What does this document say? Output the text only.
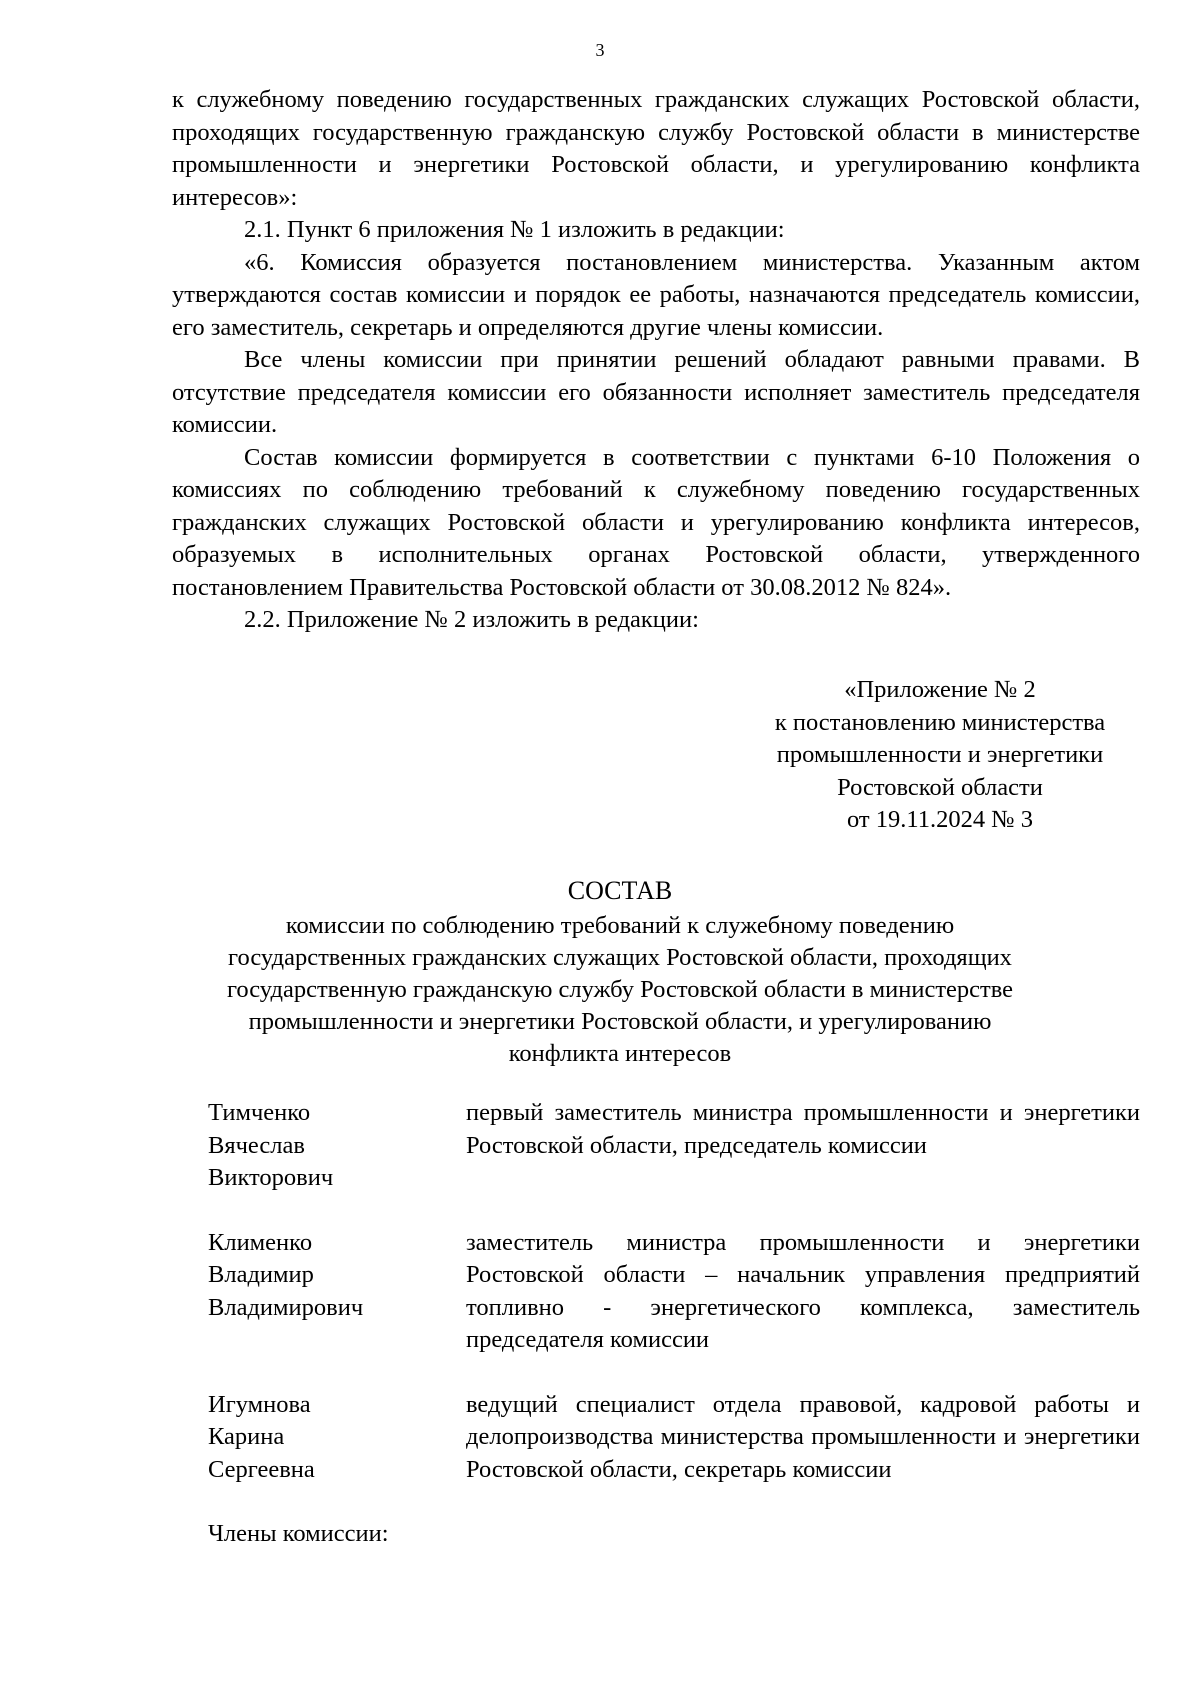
3

к служебному поведению государственных гражданских служащих Ростовской области, проходящих государственную гражданскую службу Ростовской области в министерстве промышленности и энергетики Ростовской области, и урегулированию конфликта интересов»:

2.1. Пункт 6 приложения № 1 изложить в редакции:

«6. Комиссия образуется постановлением министерства. Указанным актом утверждаются состав комиссии и порядок ее работы, назначаются председатель комиссии, его заместитель, секретарь и определяются другие члены комиссии.

Все члены комиссии при принятии решений обладают равными правами. В отсутствие председателя комиссии его обязанности исполняет заместитель председателя комиссии.

Состав комиссии формируется в соответствии с пунктами 6-10 Положения о комиссиях по соблюдению требований к служебному поведению государственных гражданских служащих Ростовской области и урегулированию конфликта интересов, образуемых в исполнительных органах Ростовской области, утвержденного постановлением Правительства Ростовской области от 30.08.2012 № 824».

2.2. Приложение № 2 изложить в редакции:

«Приложение № 2
к постановлению министерства
промышленности и энергетики
Ростовской области
от 19.11.2024 № 3
СОСТАВ
комиссии по соблюдению требований к служебному поведению
государственных гражданских служащих Ростовской области, проходящих
государственную гражданскую службу Ростовской области в министерстве
промышленности и энергетики Ростовской области, и урегулированию
конфликта интересов
Тимченко
Вячеслав
Викторович
первый заместитель министра промышленности и энергетики Ростовской области, председатель комиссии
Клименко
Владимир
Владимирович
заместитель министра промышленности и энергетики Ростовской области – начальник управления предприятий топливно - энергетического комплекса, заместитель председателя комиссии
Игумнова
Карина
Сергеевна
ведущий специалист отдела правовой, кадровой работы и делопроизводства министерства промышленности и энергетики Ростовской области, секретарь комиссии
Члены комиссии:
